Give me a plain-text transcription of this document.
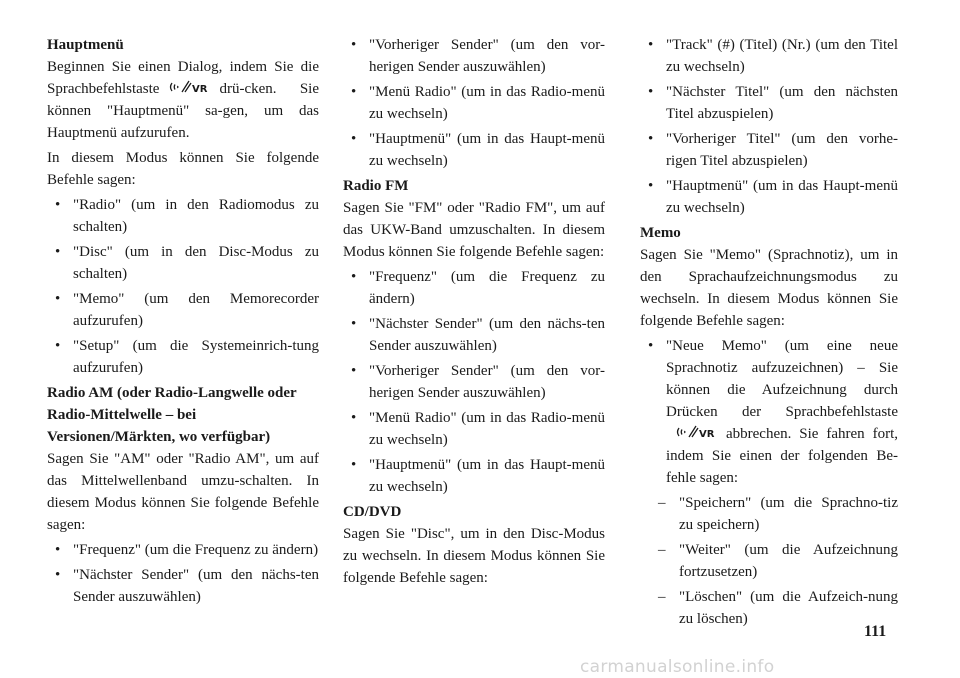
Hauptmenü

Beginnen Sie einen Dialog, indem Sie die Sprachbefehlstaste	VR drü-cken. Sie können "Hauptmenü" sa-gen, um das Hauptmenü aufzurufen.

In diesem Modus können Sie folgende Befehle sagen:

• "Radio" (um in den Radiomodus zu schalten)
• "Disc" (um in den Disc-Modus zu schalten)
• "Memo" (um den Memorecorder aufzurufen)
• "Setup" (um die Systemeinrich-tung aufzurufen)

Radio AM (oder Radio-Langwelle oder Radio-Mittelwelle – bei Versionen/Märkten, wo verfügbar)

Sagen Sie "AM" oder "Radio AM", um auf das Mittelwellenband umzu-schalten. In diesem Modus können Sie folgende Befehle sagen:

• "Frequenz" (um die Frequenz zu ändern)
• "Nächster Sender" (um den nächs-ten Sender auszuwählen)
• "Vorheriger Sender" (um den vor-herigen Sender auszuwählen)
• "Menü Radio" (um in das Radio-menü zu wechseln)
• "Hauptmenü" (um in das Haupt-menü zu wechseln)

Radio FM

Sagen Sie "FM" oder "Radio FM", um auf das UKW-Band umzuschalten. In diesem Modus können Sie folgende Befehle sagen:

• "Frequenz" (um die Frequenz zu ändern)
• "Nächster Sender" (um den nächs-ten Sender auszuwählen)
• "Vorheriger Sender" (um den vor-herigen Sender auszuwählen)
• "Menü Radio" (um in das Radio-menü zu wechseln)
• "Hauptmenü" (um in das Haupt-menü zu wechseln)

CD/DVD

Sagen Sie "Disc", um in den Disc-Modus zu wechseln. In diesem Modus können Sie folgende Befehle sagen:

• "Track" (#) (Titel) (Nr.) (um den Titel zu wechseln)
• "Nächster Titel" (um den nächsten Titel abzuspielen)
• "Vorheriger Titel" (um den vorhe-rigen Titel abzuspielen)
• "Hauptmenü" (um in das Haupt-menü zu wechseln)

Memo

Sagen Sie "Memo" (Sprachnotiz), um in den Sprachaufzeichnungsmodus zu wechseln. In diesem Modus können Sie folgende Befehle sagen:

• "Neue Memo" (um eine neue Sprachnotiz aufzuzeichnen) – Sie können die Aufzeichnung durch Drücken der Sprachbefehlstaste
VR abbrechen. Sie fahren fort, indem Sie einen der folgenden Be-fehle sagen:
– "Speichern" (um die Sprachno-tiz zu speichern)
– "Weiter" (um die Aufzeichnung fortzusetzen)
– "Löschen" (um die Aufzeich-nung zu löschen)
111
carmanualsonline.info
